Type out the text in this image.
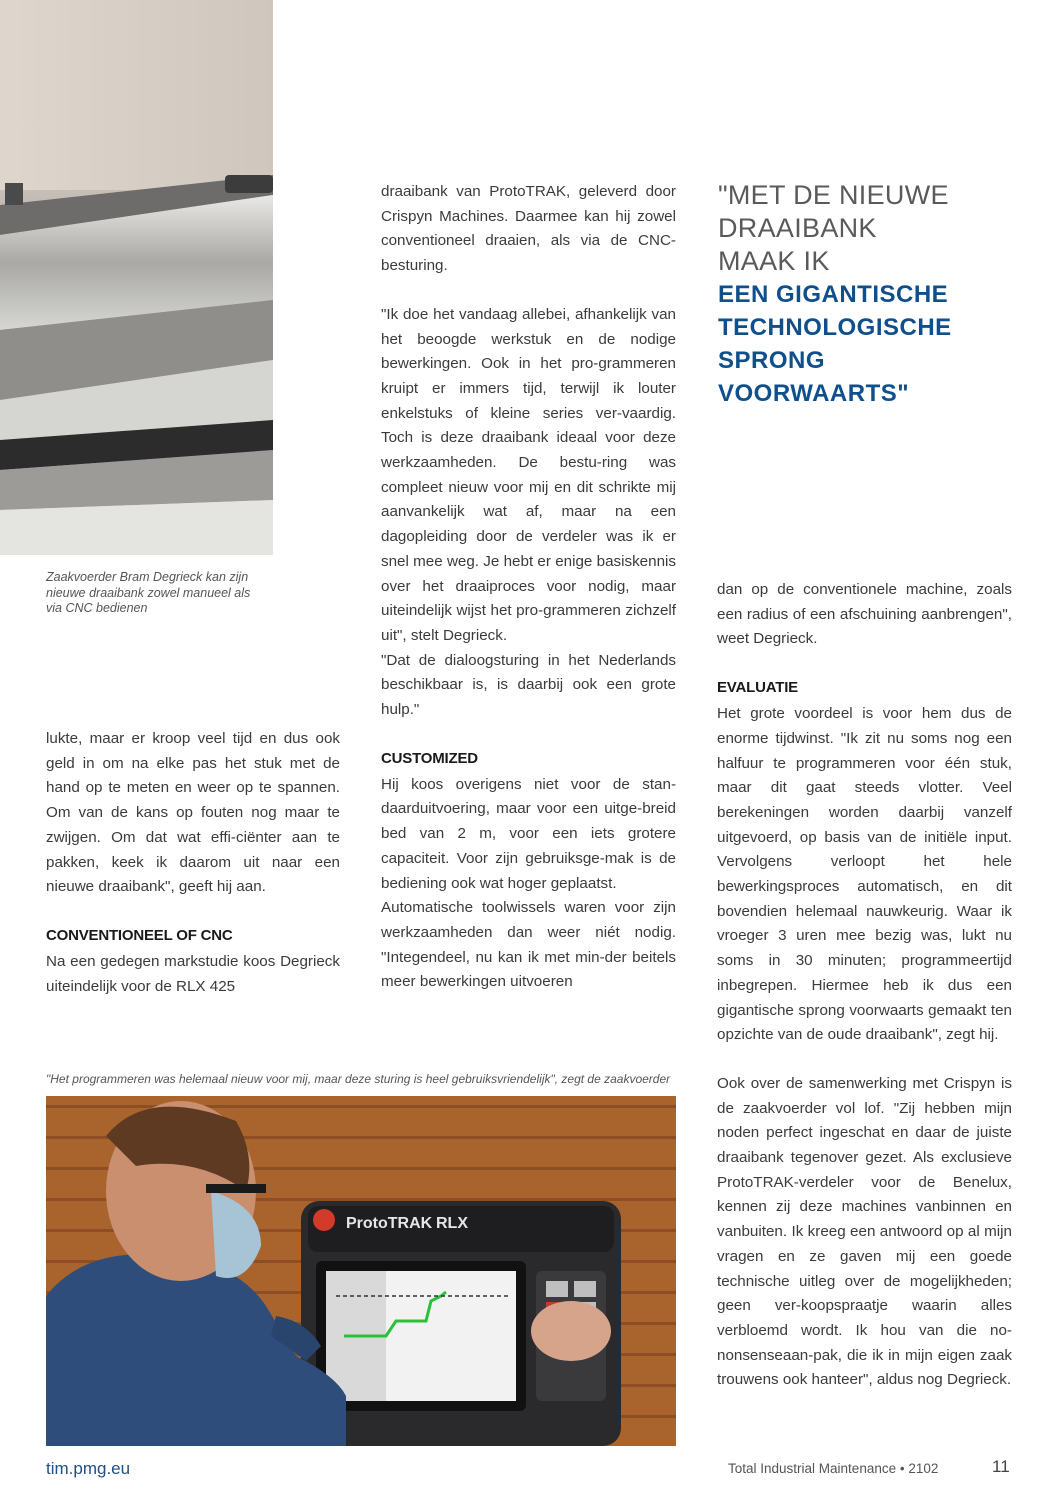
Zaakvoerder Bram Degrieck kan zijn
nieuwe draaibank zowel manueel als
via CNC bedienen
"MET DE NIEUWE
DRAAIBANK
MAAK IK
EEN GIGANTISCHE
TECHNOLOGISCHE
SPRONG
VOORWAARTS"

lukte, maar er kroop veel tijd en dus ook geld in om na elke pas het stuk met de hand op te meten en weer op te spannen. Om van de kans op fouten nog maar te zwijgen. Om dat wat effi-ciënter aan te pakken, keek ik daarom uit naar een nieuwe draaibank", geeft hij aan.

CONVENTIONEEL OF CNC

Na een gedegen markstudie koos Degrieck uiteindelijk voor de RLX 425

draaibank van ProtoTRAK, geleverd door Crispyn Machines. Daarmee kan hij zowel conventioneel draaien, als via de CNC-besturing.

"Ik doe het vandaag allebei, afhankelijk van het beoogde werkstuk en de nodige bewerkingen. Ook in het pro-grammeren kruipt er immers tijd, terwijl ik louter enkelstuks of kleine series ver-vaardig. Toch is deze draaibank ideaal voor deze werkzaamheden. De bestu-ring was compleet nieuw voor mij en dit schrikte mij aanvankelijk wat af, maar na een dagopleiding door de verdeler was ik er snel mee weg. Je hebt er enige basiskennis over het draaiproces voor nodig, maar uiteindelijk wijst het pro-grammeren zichzelf uit", stelt Degrieck.

"Dat de dialoogsturing in het Nederlands beschikbaar is, is daarbij ook een grote hulp."

CUSTOMIZED

Hij koos overigens niet voor de stan-daarduitvoering, maar voor een uitge-breid bed van 2 m, voor een iets grotere capaciteit. Voor zijn gebruiksge-mak is de bediening ook wat hoger geplaatst.

Automatische toolwissels waren voor zijn werkzaamheden dan weer niét nodig. "Integendeel, nu kan ik met min-der beitels meer bewerkingen uitvoeren

dan op de conventionele machine, zoals een radius of een afschuining aanbrengen", weet Degrieck.

EVALUATIE

Het grote voordeel is voor hem dus de enorme tijdwinst. "Ik zit nu soms nog een halfuur te programmeren voor één stuk, maar dit gaat steeds vlotter. Veel berekeningen worden daarbij vanzelf uitgevoerd, op basis van de initiële input. Vervolgens verloopt het hele bewerkingsproces automatisch, en dit bovendien helemaal nauwkeurig. Waar ik vroeger 3 uren mee bezig was, lukt nu soms in 30 minuten; programmeertijd inbegrepen. Hiermee heb ik dus een gigantische sprong voorwaarts gemaakt ten opzichte van de oude draaibank", zegt hij.

Ook over de samenwerking met Crispyn is de zaakvoerder vol lof. "Zij hebben mijn noden perfect ingeschat en daar de juiste draaibank tegenover gezet. Als exclusieve ProtoTRAK-verdeler voor de Benelux, kennen zij deze machines vanbinnen en vanbuiten. Ik kreeg een antwoord op al mijn vragen en ze gaven mij een goede technische uitleg over de mogelijkheden; geen ver-koopspraatje waarin alles verbloemd wordt. Ik hou van die no-nonsenseaan-pak, die ik in mijn eigen zaak trouwens ook hanteer", aldus nog Degrieck.

"Het programmeren was helemaal nieuw voor mij, maar deze sturing is heel gebruiksvriendelijk", zegt de zaakvoerder
ProtoTRAK RLX
tim.pmg.eu	Total Industrial Maintenance • 2102	11
